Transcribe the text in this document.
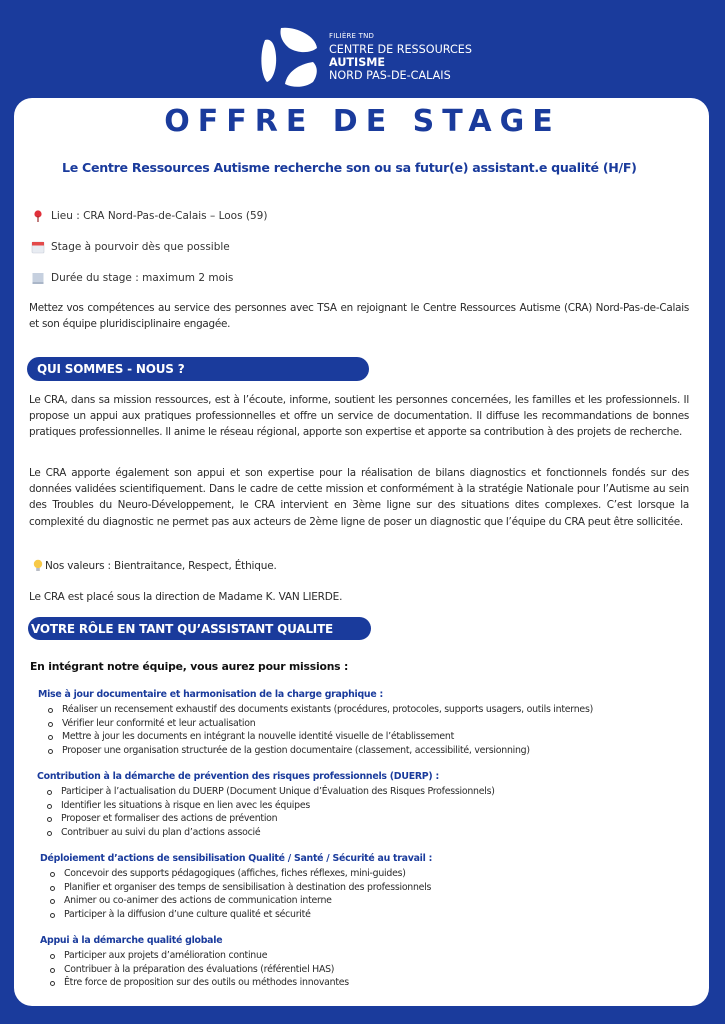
FILIÈRE TND
CENTRE DE RESSOURCES
AUTISME
NORD PAS-DE-CALAIS
OFFRE DE STAGE
Le Centre Ressources Autisme recherche son ou sa futur(e) assistant.e qualité (H/F)
Lieu : CRA Nord-Pas-de-Calais – Loos (59)
Stage à pourvoir dès que possible
Durée du stage : maximum 2 mois
Mettez vos compétences au service des personnes avec TSA en rejoignant le Centre Ressources Autisme (CRA) Nord-Pas-de-Calais et son équipe pluridisciplinaire engagée.
QUI SOMMES - NOUS ?
Le CRA, dans sa mission ressources, est à l’écoute, informe, soutient les personnes concernées, les familles et les professionnels. Il propose un appui aux pratiques professionnelles et offre un service de documentation. Il diffuse les recommandations de bonnes pratiques professionnelles. Il anime le réseau régional, apporte son expertise et apporte sa contribution à des projets de recherche.
Le CRA apporte également son appui et son expertise pour la réalisation de bilans diagnostics et fonctionnels fondés sur des données validées scientifiquement. Dans le cadre de cette mission et conformément à la stratégie Nationale pour l’Autisme au sein des Troubles du Neuro-Développement, le CRA intervient en 3ème ligne sur des situations dites complexes. C’est lorsque la complexité du diagnostic ne permet pas aux acteurs de 2ème ligne de poser un diagnostic que l’équipe du CRA peut être sollicitée.
Nos valeurs : Bientraitance, Respect, Éthique.
Le CRA est placé sous la direction de Madame K. VAN LIERDE.
VOTRE RÔLE EN TANT QU’ASSISTANT QUALITE
En intégrant notre équipe, vous aurez pour missions :
Mise à jour documentaire et harmonisation de la charge graphique :
Réaliser un recensement exhaustif des documents existants (procédures, protocoles, supports usagers, outils internes)
Vérifier leur conformité et leur actualisation
Mettre à jour les documents en intégrant la nouvelle identité visuelle de l’établissement
Proposer une organisation structurée de la gestion documentaire (classement, accessibilité, versionning)
Contribution à la démarche de prévention des risques professionnels (DUERP) :
Participer à l’actualisation du DUERP (Document Unique d’Évaluation des Risques Professionnels)
Identifier les situations à risque en lien avec les équipes
Proposer et formaliser des actions de prévention
Contribuer au suivi du plan d’actions associé
Déploiement d’actions de sensibilisation Qualité / Santé / Sécurité au travail :
Concevoir des supports pédagogiques (affiches, fiches réflexes, mini-guides)
Planifier et organiser des temps de sensibilisation à destination des professionnels
Animer ou co-animer des actions de communication interne
Participer à la diffusion d’une culture qualité et sécurité
Appui à la démarche qualité globale
Participer aux projets d’amélioration continue
Contribuer à la préparation des évaluations (référentiel HAS)
Être force de proposition sur des outils ou méthodes innovantes
